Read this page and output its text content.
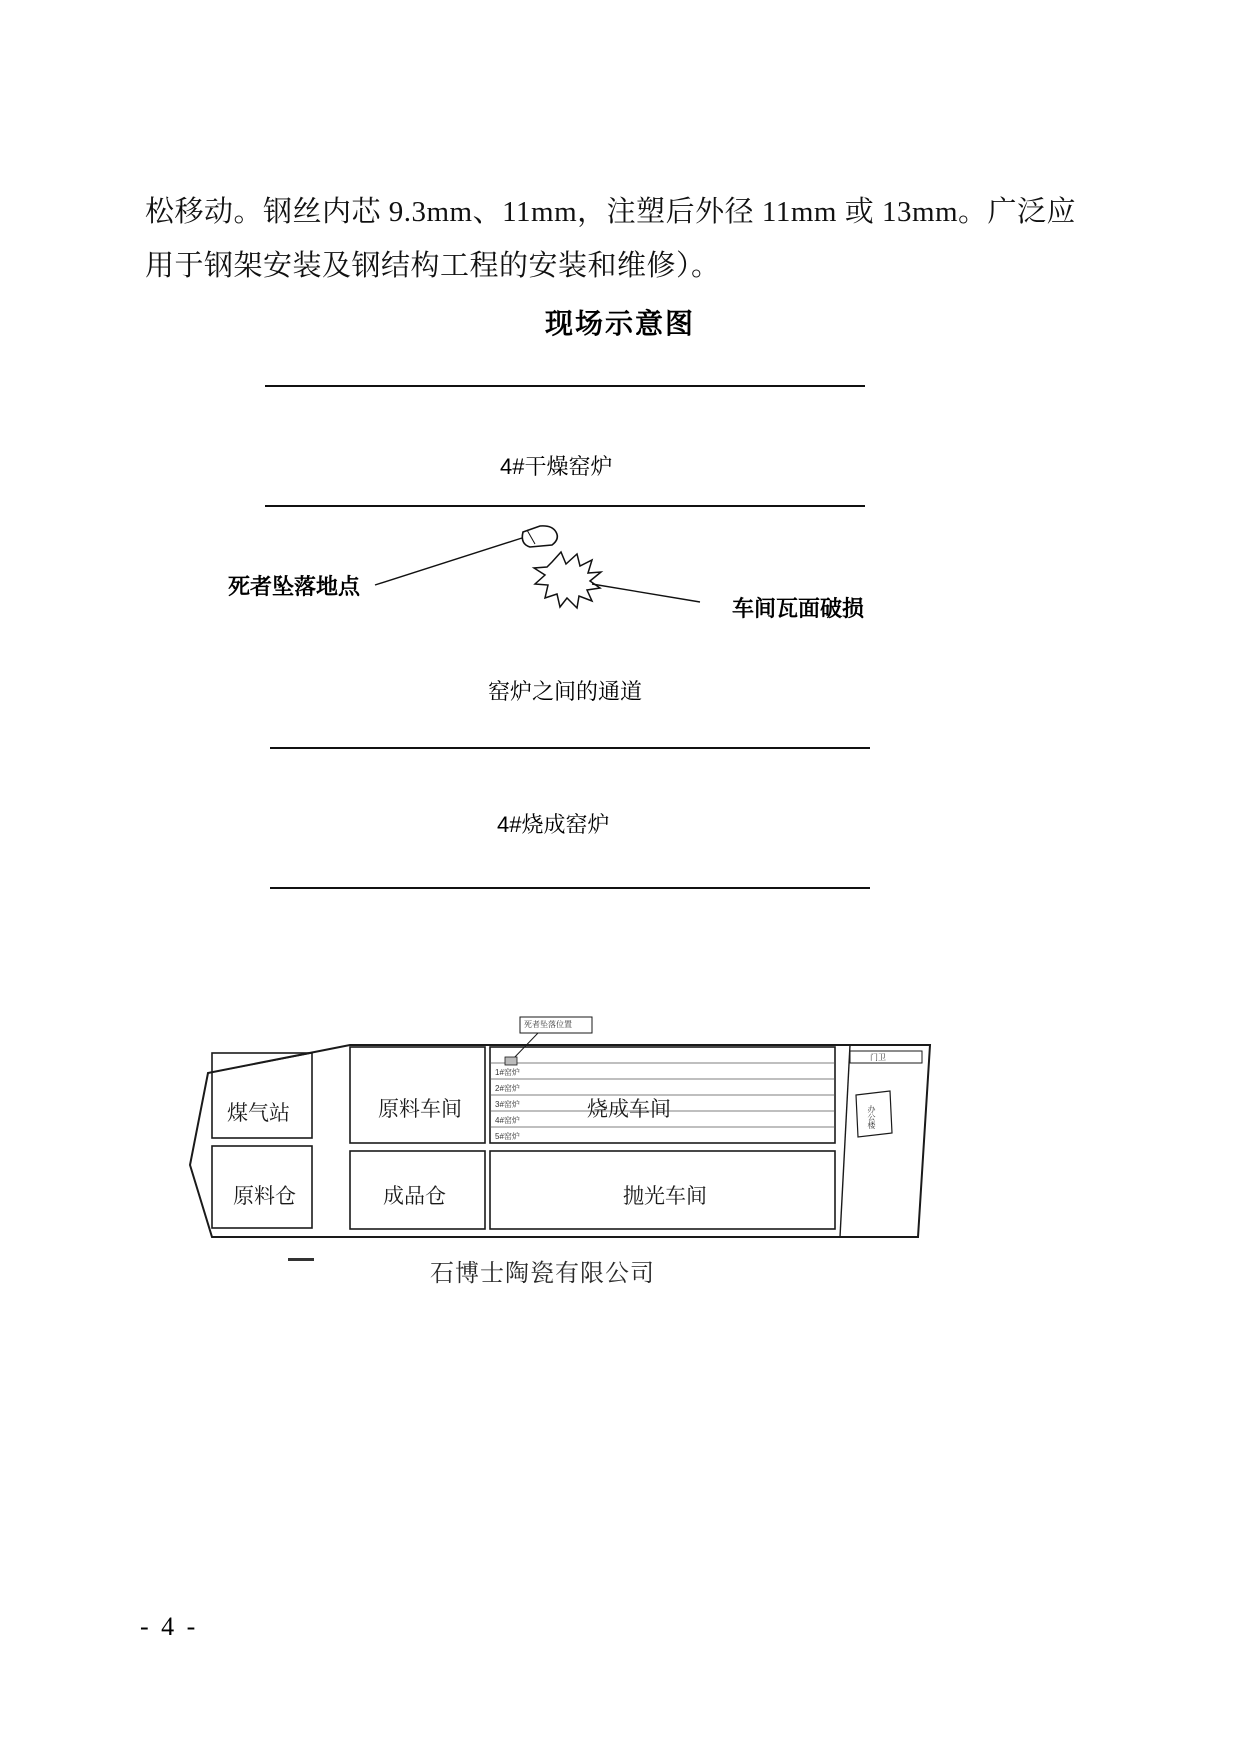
松移动。钢丝内芯 9.3mm、11mm，注塑后外径 11mm 或 13mm。广泛应用于钢架安装及钢结构工程的安装和维修）。
现场示意图
4#干燥窑炉
死者坠落地点
车间瓦面破损
窑炉之间的通道
4#烧成窑炉
煤气站	原料车间	烧成车间
原料仓	成品仓	抛光车间
死者坠落位置
1#窑炉
2#窑炉
3#窑炉
4#窑炉
5#窑炉
门卫
办公楼
石博士陶瓷有限公司
- 4 -
